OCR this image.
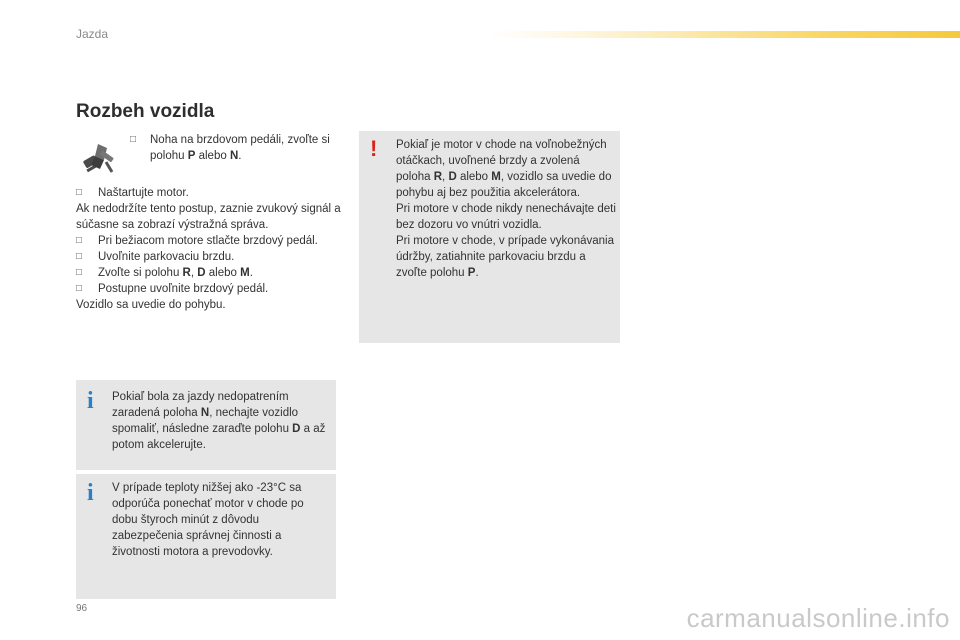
Jazda
Rozbeh vozidla
□ Noha na brzdovom pedáli, zvoľte si polohu P alebo N.
□ Naštartujte motor.
Ak nedodržíte tento postup, zaznie zvukový signál a súčasne sa zobrazí výstražná správa.
□ Pri bežiacom motore stlačte brzdový pedál.
□ Uvoľnite parkovaciu brzdu.
□ Zvoľte si polohu R, D alebo M.
□ Postupne uvoľnite brzdový pedál.
Vozidlo sa uvedie do pohybu.
! Pokiaľ je motor v chode na voľnobežných otáčkach, uvoľnené brzdy a zvolená poloha R, D alebo M, vozidlo sa uvedie do pohybu aj bez použitia akcelerátora.
Pri motore v chode nikdy nenechávajte deti bez dozoru vo vnútri vozidla.
Pri motore v chode, v prípade vykonávania údržby, zatiahnite parkovaciu brzdu a zvoľte polohu P.
i Pokiaľ bola za jazdy nedopatrením zaradená poloha N, nechajte vozidlo spomaliť, následne zaraďte polohu D a až potom akcelerujte.
i V prípade teploty nižšej ako -23°C sa odporúča ponechať motor v chode po dobu štyroch minút z dôvodu zabezpečenia správnej činnosti a životnosti motora a prevodovky.
96	carmanualsonline.info
